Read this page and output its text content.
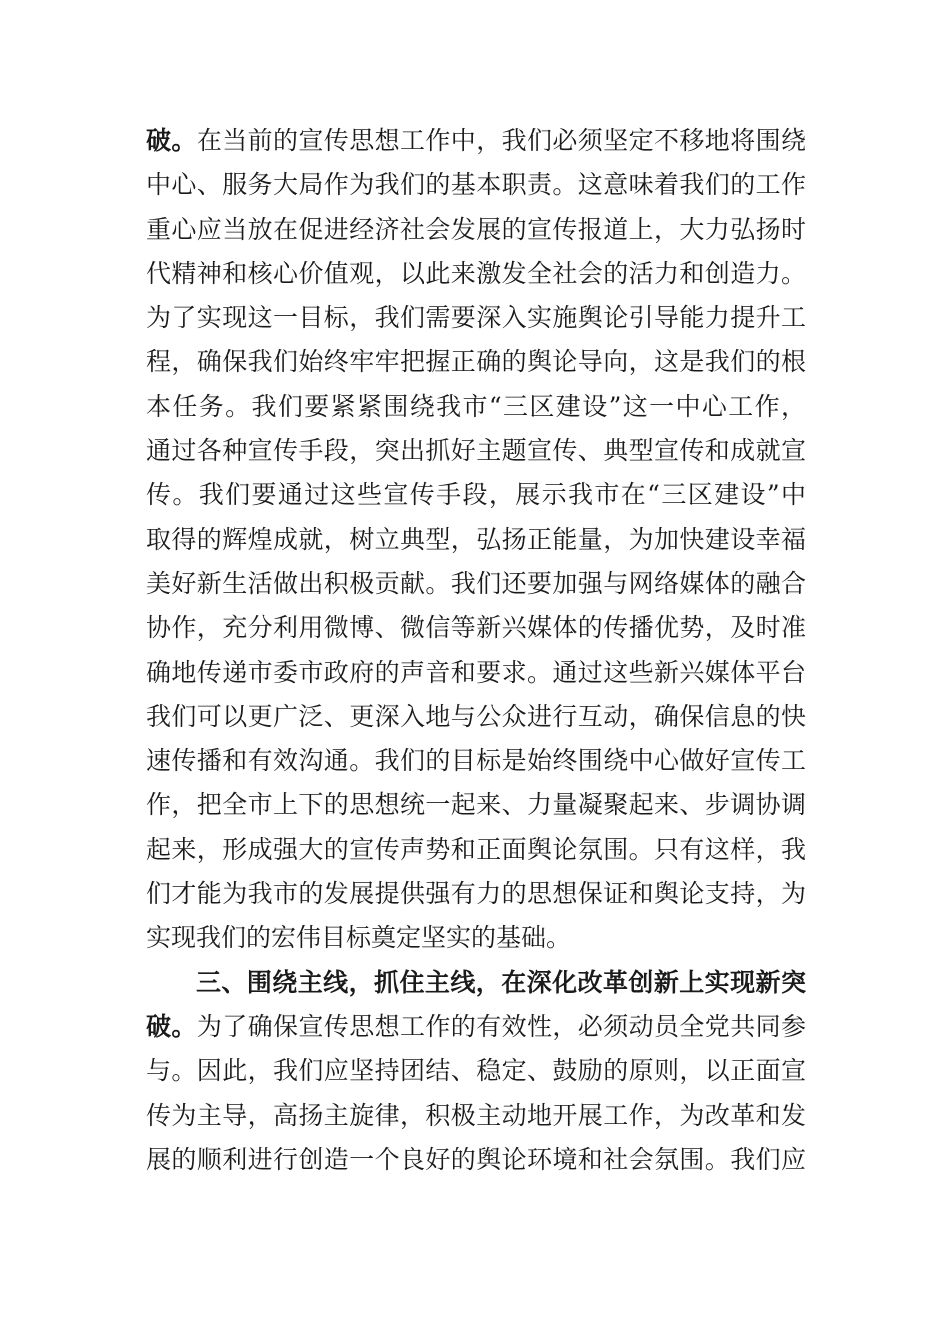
破。在当前的宣传思想工作中，我们必须坚定不移地将围绕
中心、服务大局作为我们的基本职责。这意味着我们的工作
重心应当放在促进经济社会发展的宣传报道上，大力弘扬时
代精神和核心价值观，以此来激发全社会的活力和创造力。
为了实现这一目标，我们需要深入实施舆论引导能力提升工
程，确保我们始终牢牢把握正确的舆论导向，这是我们的根
本任务。我们要紧紧围绕我市“三区建设”这一中心工作，
通过各种宣传手段，突出抓好主题宣传、典型宣传和成就宣
传。我们要通过这些宣传手段，展示我市在“三区建设”中
取得的辉煌成就，树立典型，弘扬正能量，为加快建设幸福
美好新生活做出积极贡献。我们还要加强与网络媒体的融合
协作，充分利用微博、微信等新兴媒体的传播优势，及时准
确地传递市委市政府的声音和要求。通过这些新兴媒体平台
我们可以更广泛、更深入地与公众进行互动，确保信息的快
速传播和有效沟通。我们的目标是始终围绕中心做好宣传工
作，把全市上下的思想统一起来、力量凝聚起来、步调协调
起来，形成强大的宣传声势和正面舆论氛围。只有这样，我
们才能为我市的发展提供强有力的思想保证和舆论支持，为
实现我们的宏伟目标奠定坚实的基础。
三、围绕主线，抓住主线，在深化改革创新上实现新突
破。为了确保宣传思想工作的有效性，必须动员全党共同参
与。因此，我们应坚持团结、稳定、鼓励的原则，以正面宣
传为主导，高扬主旋律，积极主动地开展工作，为改革和发
展的顺利进行创造一个良好的舆论环境和社会氛围。我们应
